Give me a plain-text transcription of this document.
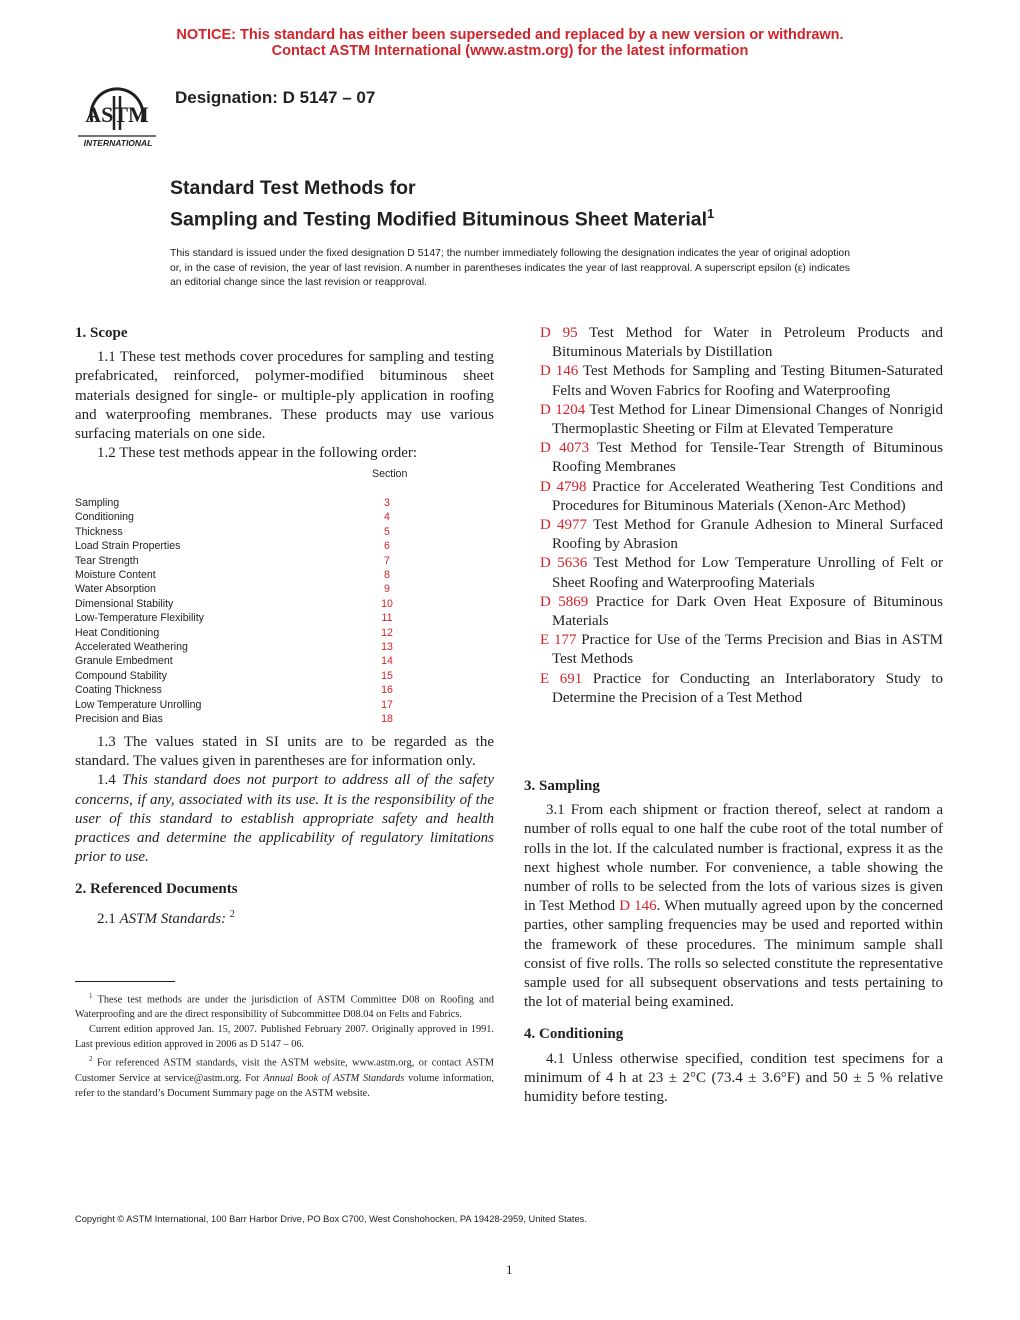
NOTICE: This standard has either been superseded and replaced by a new version or withdrawn.
Contact ASTM International (www.astm.org) for the latest information
ASTM
INTERNATIONAL
Designation: D 5147 – 07
Standard Test Methods for
Sampling and Testing Modified Bituminous Sheet Material$^1$
This standard is issued under the fixed designation D 5147; the number immediately following the designation indicates the year of original adoption or, in the case of revision, the year of last revision. A number in parentheses indicates the year of last reapproval. A superscript epsilon (ε) indicates an editorial change since the last revision or reapproval.
1. Scope

1.1 These test methods cover procedures for sampling and testing prefabricated, reinforced, polymer-modified bituminous sheet materials designed for single- or multiple-ply application in roofing and waterproofing membranes. These products may use various surfacing materials on one side.

1.2 These test methods appear in the following order:

Section
Sampling	3
Conditioning	4
Thickness	5
Load Strain Properties	6
Tear Strength	7
Moisture Content	8
Water Absorption	9
Dimensional Stability	10
Low-Temperature Flexibility	11
Heat Conditioning	12
Accelerated Weathering	13
Granule Embedment	14
Compound Stability	15
Coating Thickness	16
Low Temperature Unrolling	17
Precision and Bias	18

1.3 The values stated in SI units are to be regarded as the standard. The values given in parentheses are for information only.

1.4 This standard does not purport to address all of the safety concerns, if any, associated with its use. It is the responsibility of the user of this standard to establish appropriate safety and health practices and determine the applicability of regulatory limitations prior to use.

2. Referenced Documents

2.1 ASTM Standards: $^2$

$^1$ These test methods are under the jurisdiction of ASTM Committee D08 on Roofing and Waterproofing and are the direct responsibility of Subcommittee D08.04 on Felts and Fabrics.

Current edition approved Jan. 15, 2007. Published February 2007. Originally approved in 1991. Last previous edition approved in 2006 as D 5147 – 06.

$^2$ For referenced ASTM standards, visit the ASTM website, www.astm.org, or contact ASTM Customer Service at service@astm.org. For Annual Book of ASTM Standards volume information, refer to the standard’s Document Summary page on the ASTM website.

D 95 Test Method for Water in Petroleum Products and Bituminous Materials by Distillation

D 146 Test Methods for Sampling and Testing Bitumen-Saturated Felts and Woven Fabrics for Roofing and Waterproofing

D 1204 Test Method for Linear Dimensional Changes of Nonrigid Thermoplastic Sheeting or Film at Elevated Temperature

D 4073 Test Method for Tensile-Tear Strength of Bituminous Roofing Membranes

D 4798 Practice for Accelerated Weathering Test Conditions and Procedures for Bituminous Materials (Xenon-Arc Method)

D 4977 Test Method for Granule Adhesion to Mineral Surfaced Roofing by Abrasion

D 5636 Test Method for Low Temperature Unrolling of Felt or Sheet Roofing and Waterproofing Materials

D 5869 Practice for Dark Oven Heat Exposure of Bituminous Materials

E 177 Practice for Use of the Terms Precision and Bias in ASTM Test Methods

E 691 Practice for Conducting an Interlaboratory Study to Determine the Precision of a Test Method

3. Sampling

3.1 From each shipment or fraction thereof, select at random a number of rolls equal to one half the cube root of the total number of rolls in the lot. If the calculated number is fractional, express it as the next highest whole number. For convenience, a table showing the number of rolls to be selected from the lots of various sizes is given in Test Method D 146. When mutually agreed upon by the concerned parties, other sampling frequencies may be used and reported within the framework of these procedures. The minimum sample shall consist of five rolls. The rolls so selected constitute the representative sample used for all subsequent observations and tests pertaining to the lot of material being examined.

4. Conditioning

4.1 Unless otherwise specified, condition test specimens for a minimum of 4 h at 23 ± 2°C (73.4 ± 3.6°F) and 50 ± 5 % relative humidity before testing.

Copyright © ASTM International, 100 Barr Harbor Drive, PO Box C700, West Conshohocken, PA 19428-2959, United States.
1
